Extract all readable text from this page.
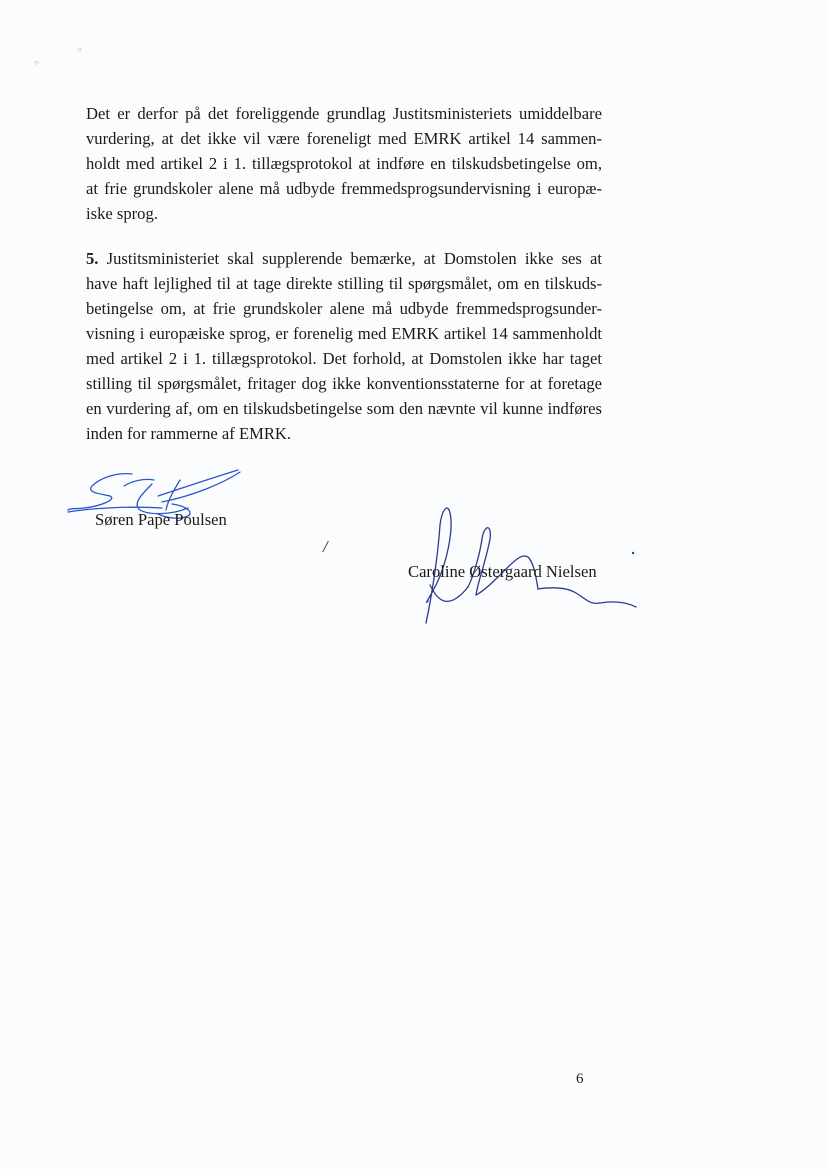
○
○
Det er derfor på det foreliggende grundlag Justitsministeriets umiddelbare
vurdering, at det ikke vil være foreneligt med EMRK artikel 14 sammen-
holdt med artikel 2 i 1. tillægsprotokol at indføre en tilskudsbetingelse om,
at frie grundskoler alene må udbyde fremmedsprogsundervisning i europæ-
iske sprog.
5. Justitsministeriet skal supplerende bemærke, at Domstolen ikke ses at
have haft lejlighed til at tage direkte stilling til spørgsmålet, om en tilskuds-
betingelse om, at frie grundskoler alene må udbyde fremmedsprogsunder-
visning i europæiske sprog, er forenelig med EMRK artikel 14 sammenholdt
med artikel 2 i 1. tillægsprotokol. Det forhold, at Domstolen ikke har taget
stilling til spørgsmålet, fritager dog ikke konventionsstaterne for at foretage
en vurdering af, om en tilskudsbetingelse som den nævnte vil kunne indføres
inden for rammerne af EMRK.
Søren Pape Poulsen
/
Caroline Østergaard Nielsen
6
